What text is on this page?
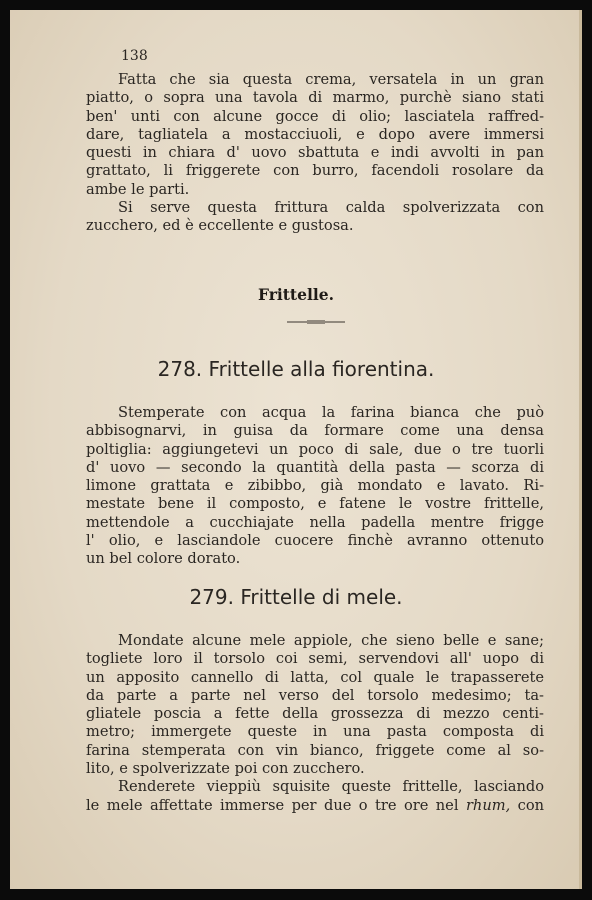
138
Fatta che sia questa crema, versatela in un gran
piatto, o sopra una tavola di marmo, purchè siano stati
ben' unti con alcune gocce di olio; lasciatela raffred-
dare, tagliatela a mostacciuoli, e dopo avere immersi
questi in chiara d' uovo sbattuta e indi avvolti in pan
grattato, li friggerete con burro, facendoli rosolare da
ambe le parti.
Si serve questa frittura calda spolverizzata con
zucchero, ed è eccellente e gustosa.
Frittelle.
278. Frittelle alla fiorentina.
Stemperate con acqua la farina bianca che può
abbisognarvi, in guisa da formare come una densa
poltiglia: aggiungetevi un poco di sale, due o tre tuorli
d' uovo — secondo la quantità della pasta — scorza di
limone grattata e zibibbo, già mondato e lavato. Ri-
mestate bene il composto, e fatene le vostre frittelle,
mettendole a cucchiajate nella padella mentre frigge
l' olio, e lasciandole cuocere finchè avranno ottenuto
un bel colore dorato.
279. Frittelle di mele.
Mondate alcune mele appiole, che sieno belle e sane;
togliete loro il torsolo coi semi, servendovi all' uopo di
un apposito cannello di latta, col quale le trapasserete
da parte a parte nel verso del torsolo medesimo; ta-
gliatele poscia a fette della grossezza di mezzo centi-
metro; immergete queste in una pasta composta di
farina stemperata con vin bianco, friggete come al so-
lito, e spolverizzate poi con zucchero.
Renderete vieppiù squisite queste frittelle, lasciando
le mele affettate immerse per due o tre ore nel rhum, con
